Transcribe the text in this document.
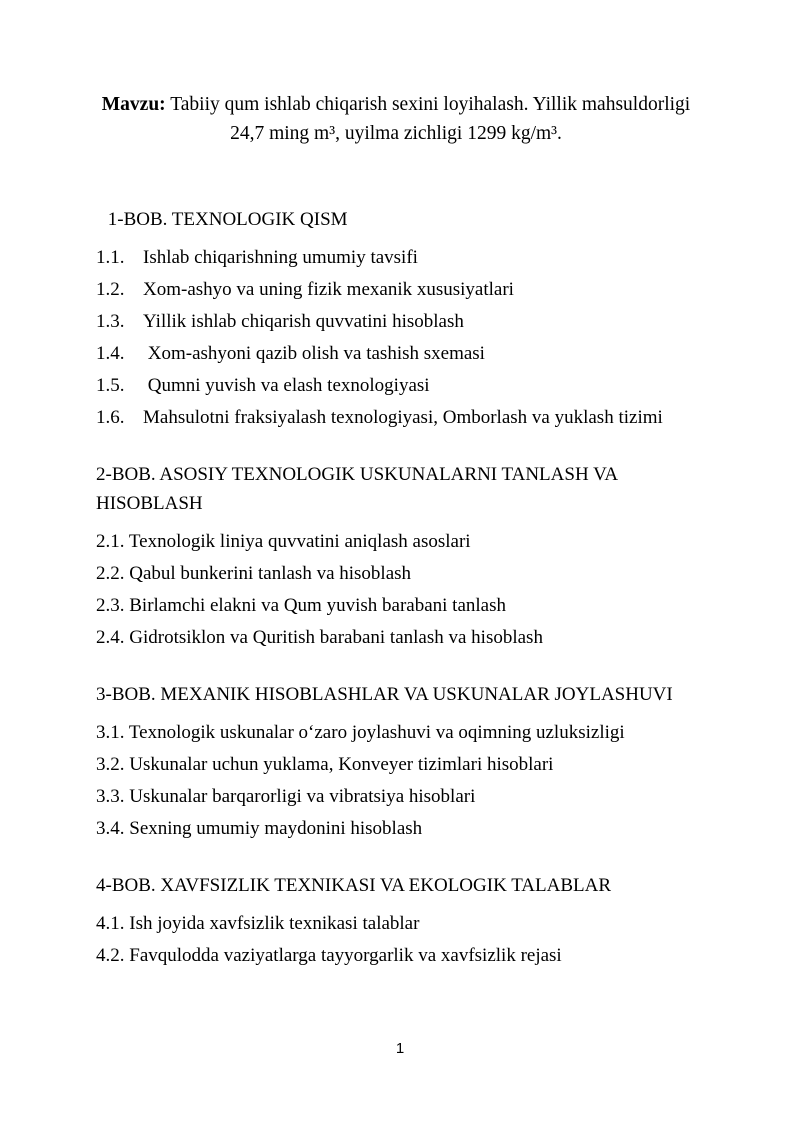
Mavzu: Tabiiy qum ishlab chiqarish sexini loyihalash. Yillik mahsuldorligi 24,7 ming m³, uyilma zichligi 1299 kg/m³.
1-BOB. TEXNOLOGIK QISM
1.1. Ishlab chiqarishning umumiy tavsifi
1.2. Xom-ashyo va uning fizik mexanik xususiyatlari
1.3. Yillik ishlab chiqarish quvvatini hisoblash
1.4. Xom-ashyoni qazib olish va tashish sxemasi
1.5. Qumni yuvish va elash texnologiyasi
1.6. Mahsulotni fraksiyalash texnologiyasi, Omborlash va yuklash tizimi
2-BOB. ASOSIY TEXNOLOGIK USKUNALARNI TANLASH VA HISOBLASH
2.1. Texnologik liniya quvvatini aniqlash asoslari
2.2. Qabul bunkerini tanlash va hisoblash
2.3. Birlamchi elakni va Qum yuvish barabani tanlash
2.4. Gidrotsiklon va Quritish barabani tanlash va hisoblash
3-BOB. MEXANIK HISOBLASHLAR VA USKUNALAR JOYLASHUVI
3.1. Texnologik uskunalar oʻzaro joylashuvi va oqimning uzluksizligi
3.2. Uskunalar uchun yuklama, Konveyer tizimlari hisoblari
3.3. Uskunalar barqarorligi va vibratsiya hisoblari
3.4. Sexning umumiy maydonini hisoblash
4-BOB. XAVFSIZLIK TEXNIKASI VA EKOLOGIK TALABLAR
4.1. Ish joyida xavfsizlik texnikasi talablar
4.2. Favqulodda vaziyatlarga tayyorgarlik va xavfsizlik rejasi
1
